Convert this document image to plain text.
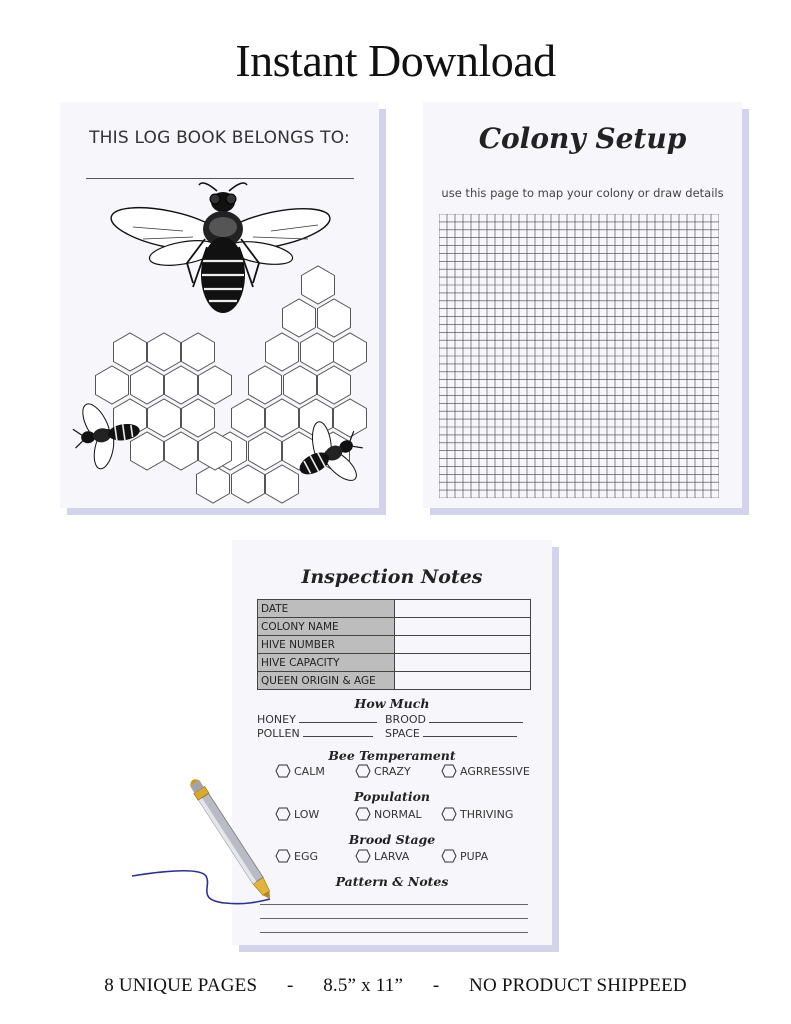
Instant Download
THIS LOG BOOK BELONGS TO:	Colony Setup
use this page to map your colony or draw details
Inspection Notes
DATE	
COLONY NAME	
HIVE NUMBER	
HIVE CAPACITY	
QUEEN ORIGIN & AGE	
How Much
HONEY	BROOD
POLLEN	SPACE
Bee Temperament
CALM	CRAZY	AGRRESSIVE
Population
LOW	NORMAL	THRIVING
Brood Stage
EGG	LARVA	PUPA
Pattern & Notes
8 UNIQUE PAGES - 8.5” x 11” - NO PRODUCT SHIPPEED
